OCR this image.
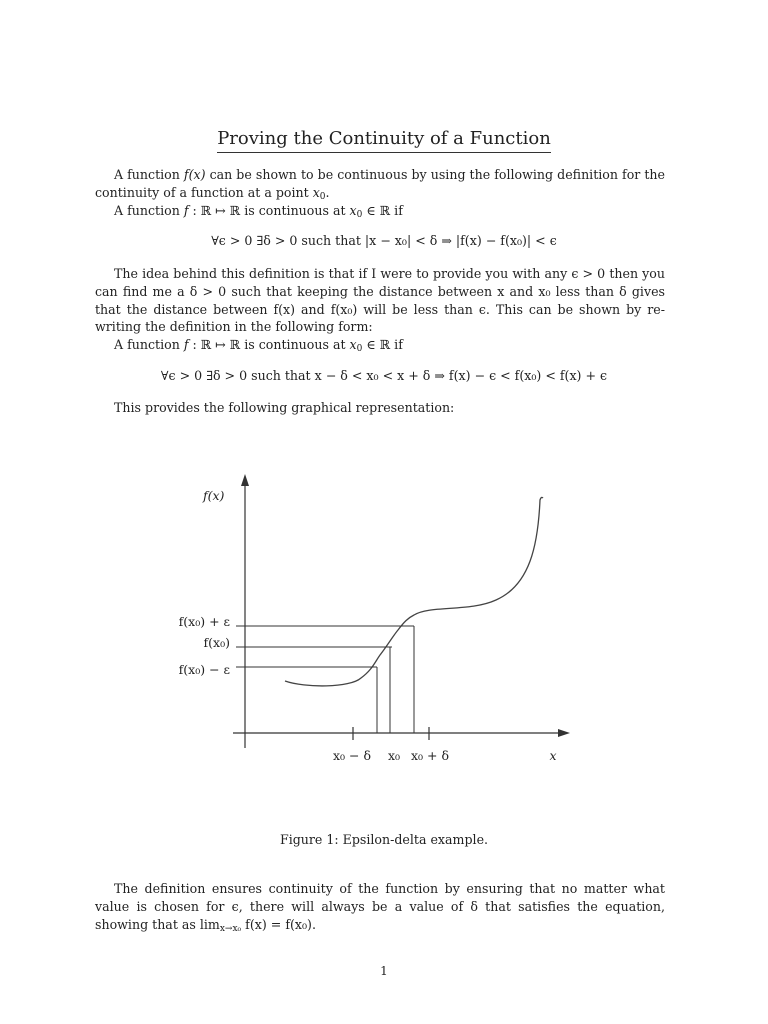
Proving the Continuity of a Function

A function f(x) can be shown to be continuous by using the following definition for the continuity of a function at a point $x_0$.

A function f : ℝ ↦ ℝ is continuous at $x_0$ ∈ ℝ if

∀ϵ > 0 ∃δ > 0 such that |x − x₀| < δ ⇒ |f(x) − f(x₀)| < ϵ

The idea behind this definition is that if I were to provide you with any ϵ > 0 then you can find me a δ > 0 such that keeping the distance between x and x₀ less than δ gives that the distance between f(x) and f(x₀) will be less than ϵ. This can be shown by re-writing the definition in the following form:

A function f : ℝ ↦ ℝ is continuous at $x_0$ ∈ ℝ if

∀ϵ > 0 ∃δ > 0 such that x − δ < x₀ < x + δ ⇒ f(x) − ϵ < f(x₀) < f(x) + ϵ

This provides the following graphical representation:

f(x)
f(x₀) + ε
f(x₀)
f(x₀) − ε
x₀ − δ x₀ x₀ + δ	x
Figure 1: Epsilon-delta example.

The definition ensures continuity of the function by ensuring that no matter what value is chosen for ϵ, there will always be a value of δ that satisfies the equation, showing that as $\lim_{x\to x_0} f(x) = f(x_0)$.

1
